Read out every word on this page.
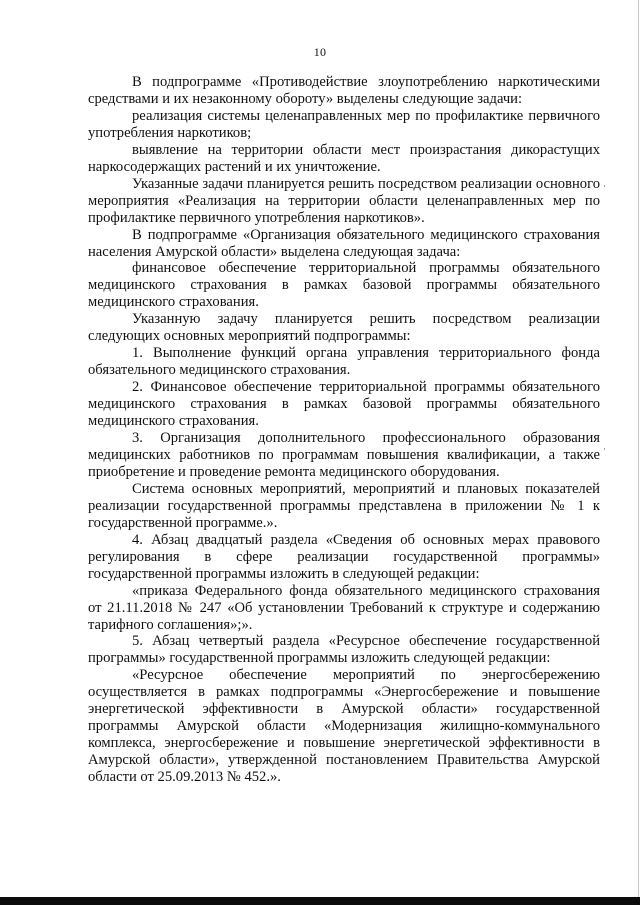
10

В подпрограмме «Противодействие злоупотреблению наркотическими средствами и их незаконному обороту» выделены следующие задачи:

реализация системы целенаправленных мер по профилактике первичного употребления наркотиков;

выявление на территории области мест произрастания дикорастущих наркосодержащих растений и их уничтожение.

Указанные задачи планируется решить посредством реализации основного мероприятия «Реализация на территории области целенаправленных мер по профилактике первичного употребления наркотиков».

В подпрограмме «Организация обязательного медицинского страхования населения Амурской области» выделена следующая задача:

финансовое обеспечение территориальной программы обязательного медицинского страхования в рамках базовой программы обязательного медицинского страхования.

Указанную задачу планируется решить посредством реализации следующих основных мероприятий подпрограммы:

1. Выполнение функций органа управления территориального фонда обязательного медицинского страхования.

2. Финансовое обеспечение территориальной программы обязательного медицинского страхования в рамках базовой программы обязательного медицинского страхования.

3. Организация дополнительного профессионального образования медицинских работников по программам повышения квалификации, а также приобретение и проведение ремонта медицинского оборудования.

Система основных мероприятий, мероприятий и плановых показателей реализации государственной программы представлена в приложении № 1 к государственной программе.».

4. Абзац двадцатый раздела «Сведения об основных мерах правового регулирования в сфере реализации государственной программы» государственной программы изложить в следующей редакции:

«приказа Федерального фонда обязательного медицинского страхования от 21.11.2018 № 247 «Об установлении Требований к структуре и содержанию тарифного соглашения»;».

5. Абзац четвертый раздела «Ресурсное обеспечение государственной программы» государственной программы изложить следующей редакции:

«Ресурсное обеспечение мероприятий по энергосбережению осуществляется в рамках подпрограммы «Энергосбережение и повышение энергетической эффективности в Амурской области» государственной программы Амурской области «Модернизация жилищно-коммунального комплекса, энергосбережение и повышение энергетической эффективности в Амурской области», утвержденной постановлением Правительства Амурской области от 25.09.2013 № 452.».
